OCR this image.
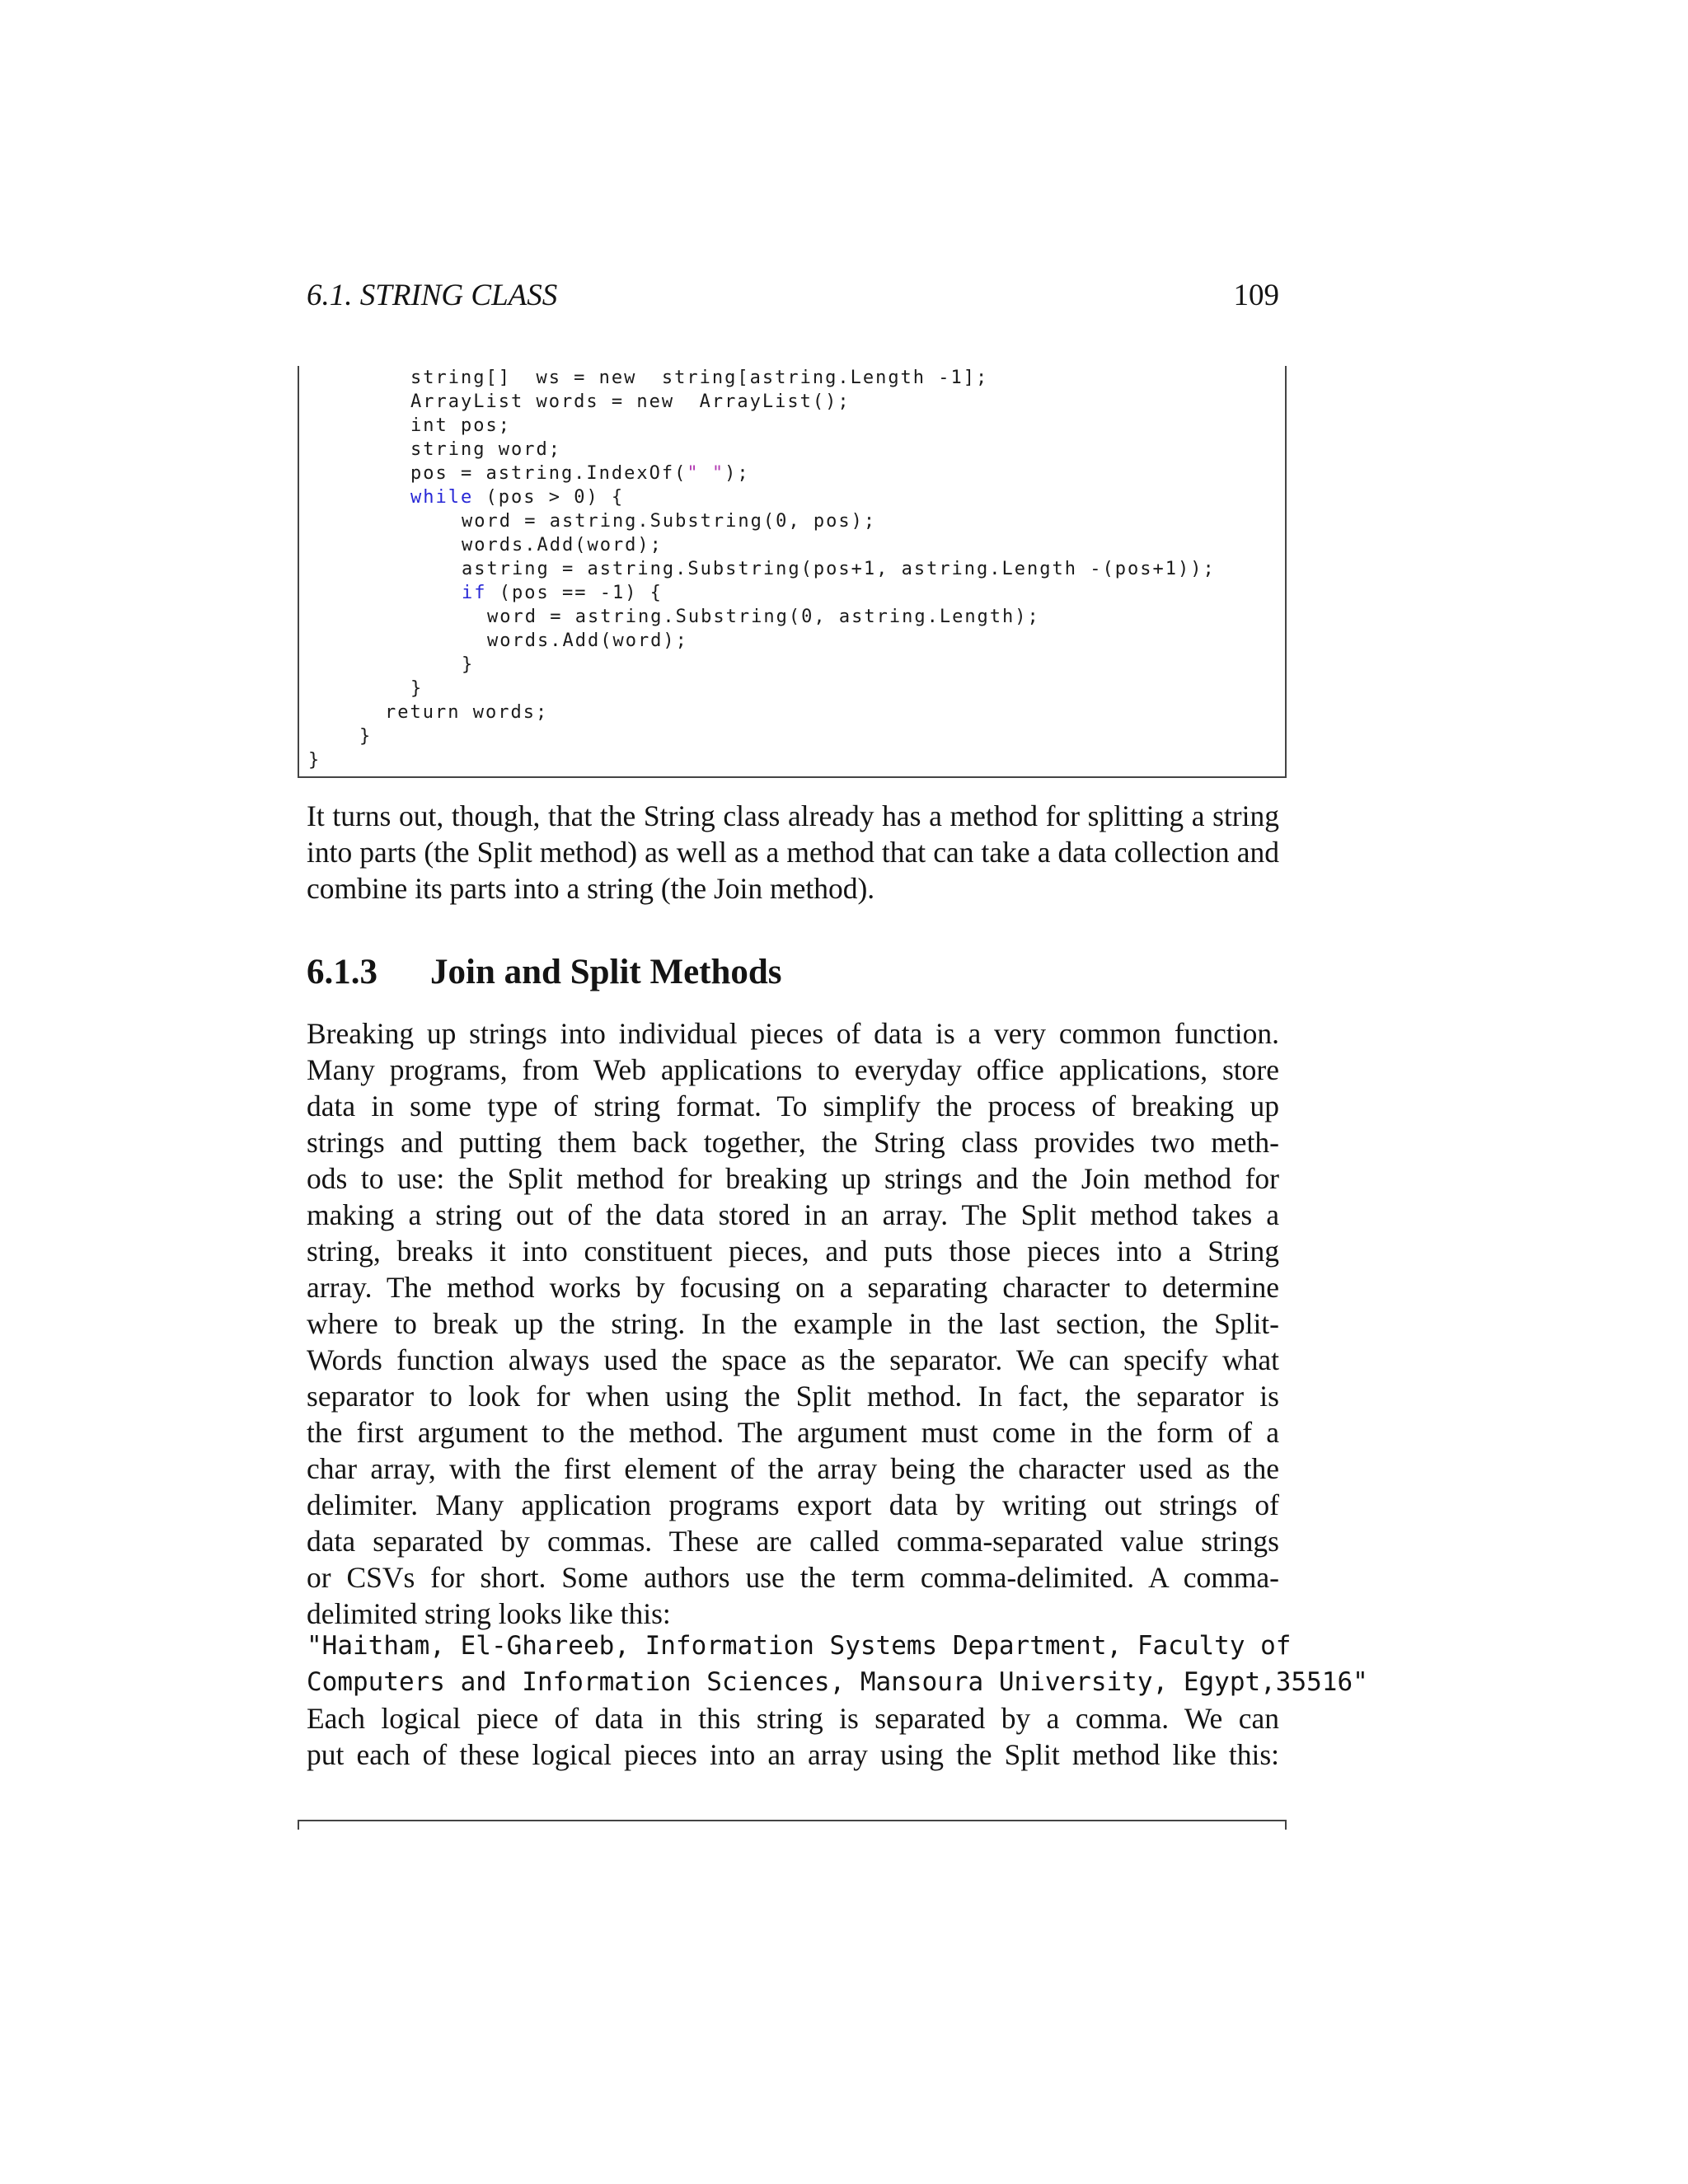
6.1. STRING CLASS	109
string[]  ws = new  string[astring.Length -1];
ArrayList words = new  ArrayList();
int pos;
string word;
pos = astring.IndexOf(" ");
while (pos > 0) {
word = astring.Substring(0, pos);
words.Add(word);
astring = astring.Substring(pos+1, astring.Length -(pos+1));
if (pos == -1) {
word = astring.Substring(0, astring.Length);
words.Add(word);
}
}
return words;
}
}

It turns out, though, that the String class already has a method for splitting a string into parts (the Split method) as well as a method that can take a data collection and combine its parts into a string (the Join method).

6.1.3 Join and Split Methods
Breaking up strings into individual pieces of data is a very common function.
Many programs, from Web applications to everyday office applications, store
data in some type of string format. To simplify the process of breaking up
strings and putting them back together, the String class provides two meth-
ods to use: the Split method for breaking up strings and the Join method for
making a string out of the data stored in an array. The Split method takes a
string, breaks it into constituent pieces, and puts those pieces into a String
array. The method works by focusing on a separating character to determine
where to break up the string. In the example in the last section, the Split-
Words function always used the space as the separator. We can specify what
separator to look for when using the Split method. In fact, the separator is
the first argument to the method. The argument must come in the form of a
char array, with the first element of the array being the character used as the
delimiter. Many application programs export data by writing out strings of
data separated by commas. These are called comma-separated value strings
or CSVs for short. Some authors use the term comma-delimited. A comma-
delimited string looks like this:
"Haitham, El-Ghareeb, Information Systems Department, Faculty of
Computers and Information Sciences, Mansoura University, Egypt,35516"
Each logical piece of data in this string is separated by a comma. We can
put each of these logical pieces into an array using the Split method like this:
